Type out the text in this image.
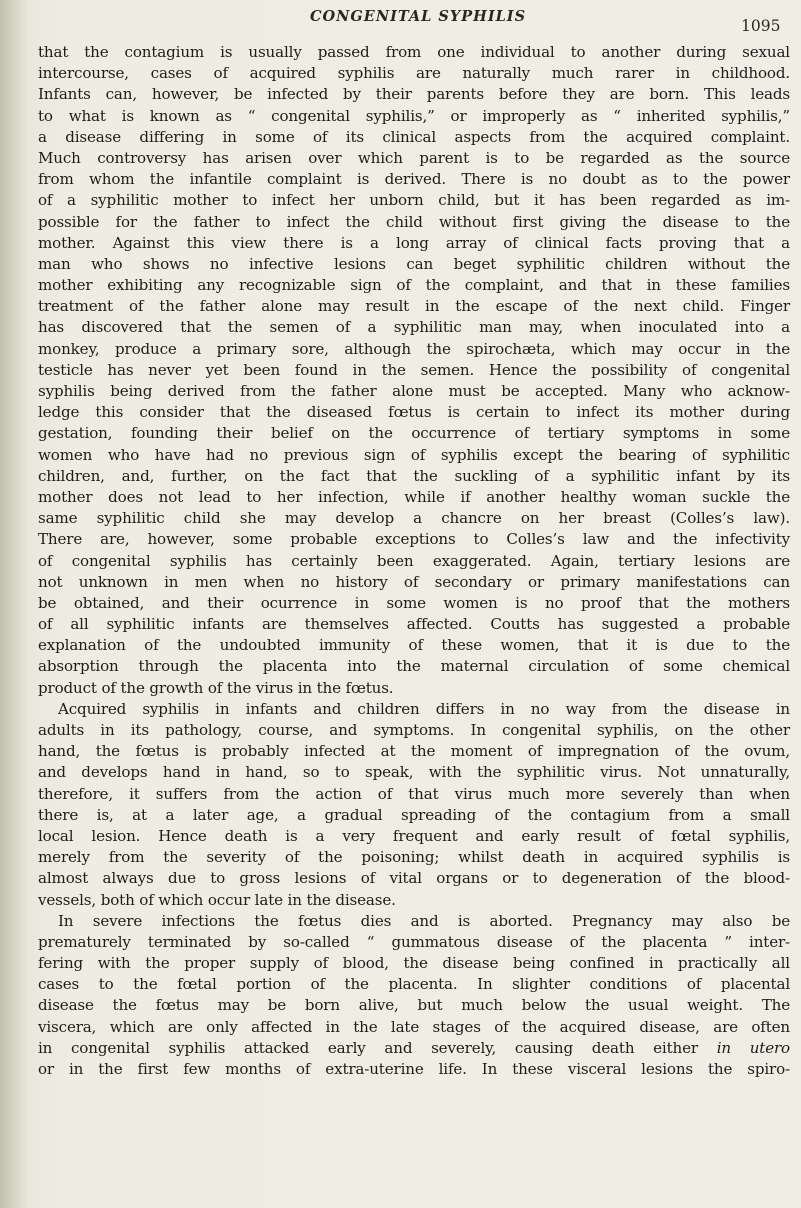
CONGENITAL SYPHILIS
1095
that the contagium is usually passed from one individual to another during sexual
intercourse, cases of acquired syphilis are naturally much rarer in childhood.
Infants can, however, be infected by their parents before they are born. This leads
to what is known as “ congenital syphilis,” or improperly as “ inherited syphilis,”
a disease differing in some of its clinical aspects from the acquired complaint.
Much controversy has arisen over which parent is to be regarded as the source
from whom the infantile complaint is derived. There is no doubt as to the power
of a syphilitic mother to infect her unborn child, but it has been regarded as im-
possible for the father to infect the child without first giving the disease to the
mother. Against this view there is a long array of clinical facts proving that a
man who shows no infective lesions can beget syphilitic children without the
mother exhibiting any recognizable sign of the complaint, and that in these families
treatment of the father alone may result in the escape of the next child. Finger
has discovered that the semen of a syphilitic man may, when inoculated into a
monkey, produce a primary sore, although the spirochæta, which may occur in the
testicle has never yet been found in the semen. Hence the possibility of congenital
syphilis being derived from the father alone must be accepted. Many who acknow-
ledge this consider that the diseased fœtus is certain to infect its mother during
gestation, founding their belief on the occurrence of tertiary symptoms in some
women who have had no previous sign of syphilis except the bearing of syphilitic
children, and, further, on the fact that the suckling of a syphilitic infant by its
mother does not lead to her infection, while if another healthy woman suckle the
same syphilitic child she may develop a chancre on her breast (Colles’s law).
There are, however, some probable exceptions to Colles’s law and the infectivity
of congenital syphilis has certainly been exaggerated. Again, tertiary lesions are
not unknown in men when no history of secondary or primary manifestations can
be obtained, and their ocurrence in some women is no proof that the mothers
of all syphilitic infants are themselves affected. Coutts has suggested a probable
explanation of the undoubted immunity of these women, that it is due to the
absorption through the placenta into the maternal circulation of some chemical
product of the growth of the virus in the fœtus.
Acquired syphilis in infants and children differs in no way from the disease in
adults in its pathology, course, and symptoms. In congenital syphilis, on the other
hand, the fœtus is probably infected at the moment of impregnation of the ovum,
and develops hand in hand, so to speak, with the syphilitic virus. Not unnaturally,
therefore, it suffers from the action of that virus much more severely than when
there is, at a later age, a gradual spreading of the contagium from a small
local lesion. Hence death is a very frequent and early result of fœtal syphilis,
merely from the severity of the poisoning; whilst death in acquired syphilis is
almost always due to gross lesions of vital organs or to degeneration of the blood-
vessels, both of which occur late in the disease.
In severe infections the fœtus dies and is aborted. Pregnancy may also be
prematurely terminated by so-called “ gummatous disease of the placenta ” inter-
fering with the proper supply of blood, the disease being confined in practically all
cases to the fœtal portion of the placenta. In slighter conditions of placental
disease the fœtus may be born alive, but much below the usual weight. The
viscera, which are only affected in the late stages of the acquired disease, are often
in congenital syphilis attacked early and severely, causing death either in utero
or in the first few months of extra-uterine life. In these visceral lesions the spiro-
